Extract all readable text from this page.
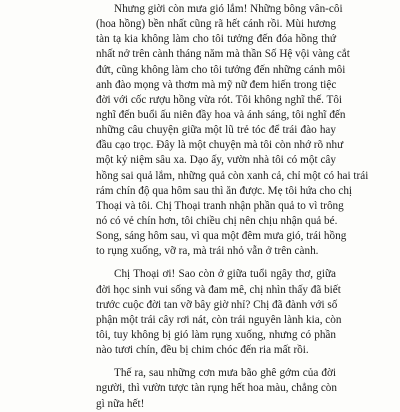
Nhưng giời còn mưa gió lắm! Những bông vân-côi
(hoa hồng) bền nhất cũng rã hết cánh rồi. Mùi hương
tàn tạ kia không làm cho tôi tưởng đến đóa hồng thứ
nhất nở trên cành tháng năm mà thần Số Hệ vội vàng cắt
đứt, cũng không làm cho tôi tưởng đến những cánh môi
anh đào mọng và thơm mà mỹ nữ đem hiến trong tiệc
đời với cốc rượu hồng vừa rót. Tôi không nghĩ thế. Tôi
nghĩ đến buổi ấu niên đầy hoa và ánh sáng, tôi nghĩ đến
những câu chuyện giữa một lũ trẻ tóc để trái đào hay
đầu cạo trọc. Đây là một chuyện mà tôi còn nhớ rõ như
một kỷ niệm sâu xa. Dạo ấy, vườn nhà tôi có một cây
hồng sai quả lắm, những quả còn xanh cả, chỉ một có hai trái
rám chín độ qua hôm sau thì ăn được. Mẹ tôi hứa cho chị
Thoại và tôi. Chị Thoại tranh nhận phần quả to vì trông
nó có vẻ chín hơn, tôi chiều chị nên chịu nhận quả bé.
Song, sáng hôm sau, vì qua một đêm mưa gió, trái hồng
to rụng xuống, vỡ ra, mà trái nhỏ vẫn ở trên cành.
Chị Thoại ơi! Sao còn ở giữa tuổi ngây thơ, giữa
đời học sinh vui sống và đam mê, chị nhìn thấy đã biết
trước cuộc đời tan vỡ bây giờ nhỉ? Chị đã đành với số
phận một trái cây rơi nát, còn trái nguyên lành kia, còn
tôi, tuy không bị gió làm rụng xuống, nhưng có phần
nào tươi chín, đều bị chim chóc đến ria mất rồi.
Thế ra, sau những cơn mưa bão ghê gớm của đời
người, thì vườn tược tàn rụng hết hoa màu, chẳng còn
gì nữa hết!
